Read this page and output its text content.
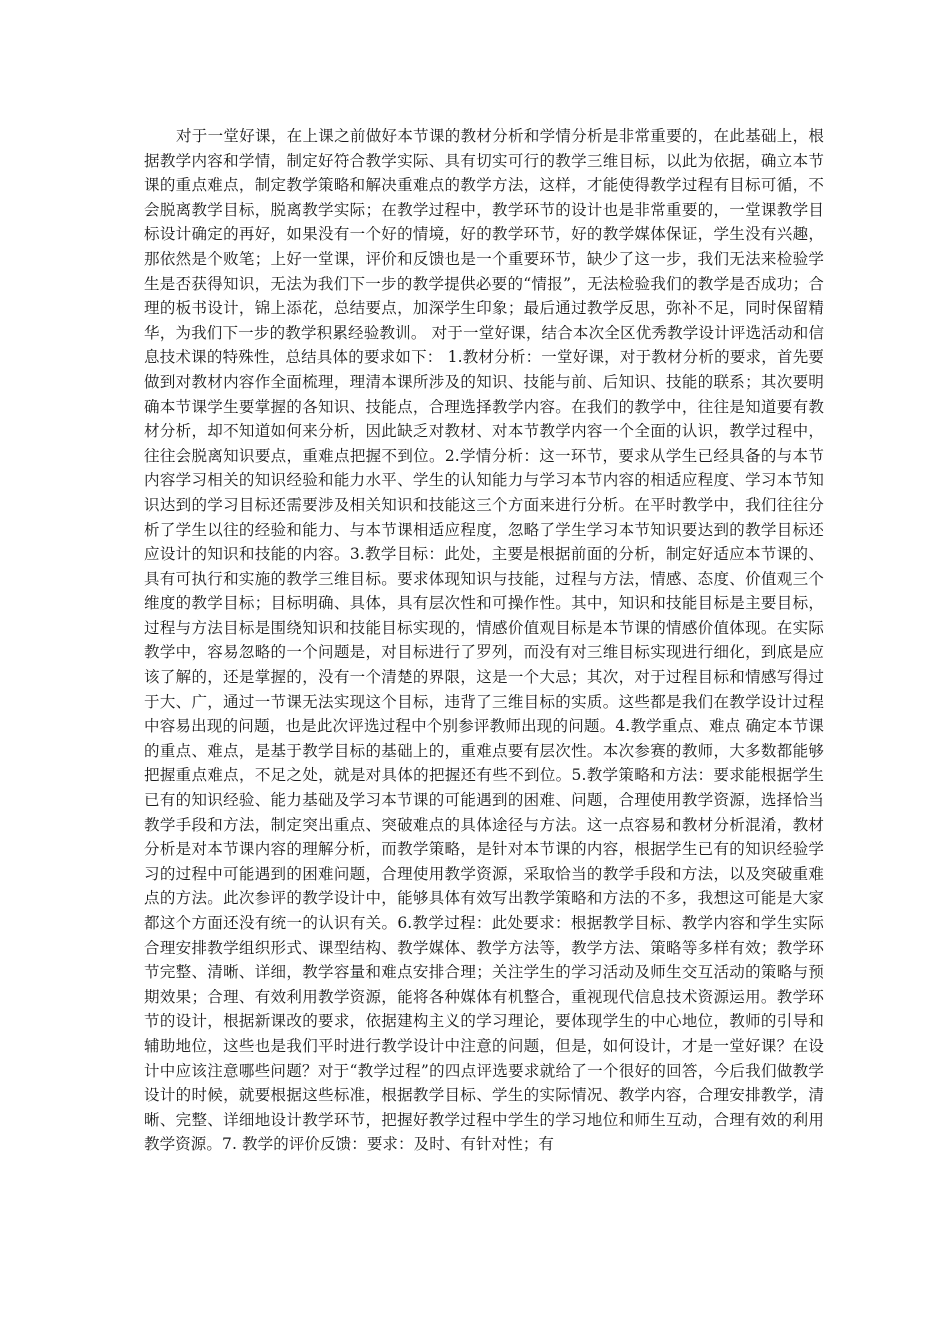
对于一堂好课，在上课之前做好本节课的教材分析和学情分析是非常重要的，在此基础上，根据教学内容和学情，制定好符合教学实际、具有切实可行的教学三维目标，以此为依据，确立本节课的重点难点，制定教学策略和解决重难点的教学方法，这样，才能使得教学过程有目标可循，不会脱离教学目标，脱离教学实际；在教学过程中，教学环节的设计也是非常重要的，一堂课教学目标设计确定的再好，如果没有一个好的情境，好的教学环节，好的教学媒体保证，学生没有兴趣，那依然是个败笔；上好一堂课，评价和反馈也是一个重要环节，缺少了这一步，我们无法来检验学生是否获得知识，无法为我们下一步的教学提供必要的“情报”，无法检验我们的教学是否成功；合理的板书设计，锦上添花，总结要点，加深学生印象；最后通过教学反思，弥补不足，同时保留精华，为我们下一步的教学积累经验教训。 对于一堂好课，结合本次全区优秀教学设计评选活动和信息技术课的特殊性，总结具体的要求如下： 1.教材分析：一堂好课，对于教材分析的要求，首先要做到对教材内容作全面梳理，理清本课所涉及的知识、技能与前、后知识、技能的联系；其次要明确本节课学生要掌握的各知识、技能点，合理选择教学内容。在我们的教学中，往往是知道要有教材分析，却不知道如何来分析，因此缺乏对教材、对本节教学内容一个全面的认识，教学过程中，往往会脱离知识要点，重难点把握不到位。2.学情分析：这一环节，要求从学生已经具备的与本节内容学习相关的知识经验和能力水平、学生的认知能力与学习本节内容的相适应程度、学习本节知识达到的学习目标还需要涉及相关知识和技能这三个方面来进行分析。在平时教学中，我们往往分析了学生以往的经验和能力、与本节课相适应程度，忽略了学生学习本节知识要达到的教学目标还应设计的知识和技能的内容。3.教学目标：此处，主要是根据前面的分析，制定好适应本节课的、具有可执行和实施的教学三维目标。要求体现知识与技能，过程与方法，情感、态度、价值观三个维度的教学目标；目标明确、具体，具有层次性和可操作性。其中，知识和技能目标是主要目标，过程与方法目标是围绕知识和技能目标实现的，情感价值观目标是本节课的情感价值体现。在实际教学中，容易忽略的一个问题是，对目标进行了罗列，而没有对三维目标实现进行细化，到底是应该了解的，还是掌握的，没有一个清楚的界限，这是一个大忌；其次，对于过程目标和情感写得过于大、广，通过一节课无法实现这个目标，违背了三维目标的实质。这些都是我们在教学设计过程中容易出现的问题，也是此次评选过程中个别参评教师出现的问题。4.教学重点、难点 确定本节课的重点、难点，是基于教学目标的基础上的，重难点要有层次性。本次参赛的教师，大多数都能够把握重点难点，不足之处，就是对具体的把握还有些不到位。5.教学策略和方法：要求能根据学生已有的知识经验、能力基础及学习本节课的可能遇到的困难、问题，合理使用教学资源，选择恰当教学手段和方法，制定突出重点、突破难点的具体途径与方法。这一点容易和教材分析混淆，教材分析是对本节课内容的理解分析，而教学策略，是针对本节课的内容，根据学生已有的知识经验学习的过程中可能遇到的困难问题，合理使用教学资源，采取恰当的教学手段和方法，以及突破重难点的方法。此次参评的教学设计中，能够具体有效写出教学策略和方法的不多，我想这可能是大家都这个方面还没有统一的认识有关。6.教学过程：此处要求：根据教学目标、教学内容和学生实际合理安排教学组织形式、课型结构、教学媒体、教学方法等，教学方法、策略等多样有效；教学环节完整、清晰、详细，教学容量和难点安排合理；关注学生的学习活动及师生交互活动的策略与预期效果；合理、有效利用教学资源，能将各种媒体有机整合，重视现代信息技术资源运用。教学环节的设计，根据新课改的要求，依据建构主义的学习理论，要体现学生的中心地位，教师的引导和辅助地位，这些也是我们平时进行教学设计中注意的问题，但是，如何设计，才是一堂好课？在设计中应该注意哪些问题？对于“教学过程”的四点评选要求就给了一个很好的回答，今后我们做教学设计的时候，就要根据这些标准，根据教学目标、学生的实际情况、教学内容，合理安排教学，清晰、完整、详细地设计教学环节，把握好教学过程中学生的学习地位和师生互动，合理有效的利用教学资源。7. 教学的评价反馈：要求：及时、有针对性；有
